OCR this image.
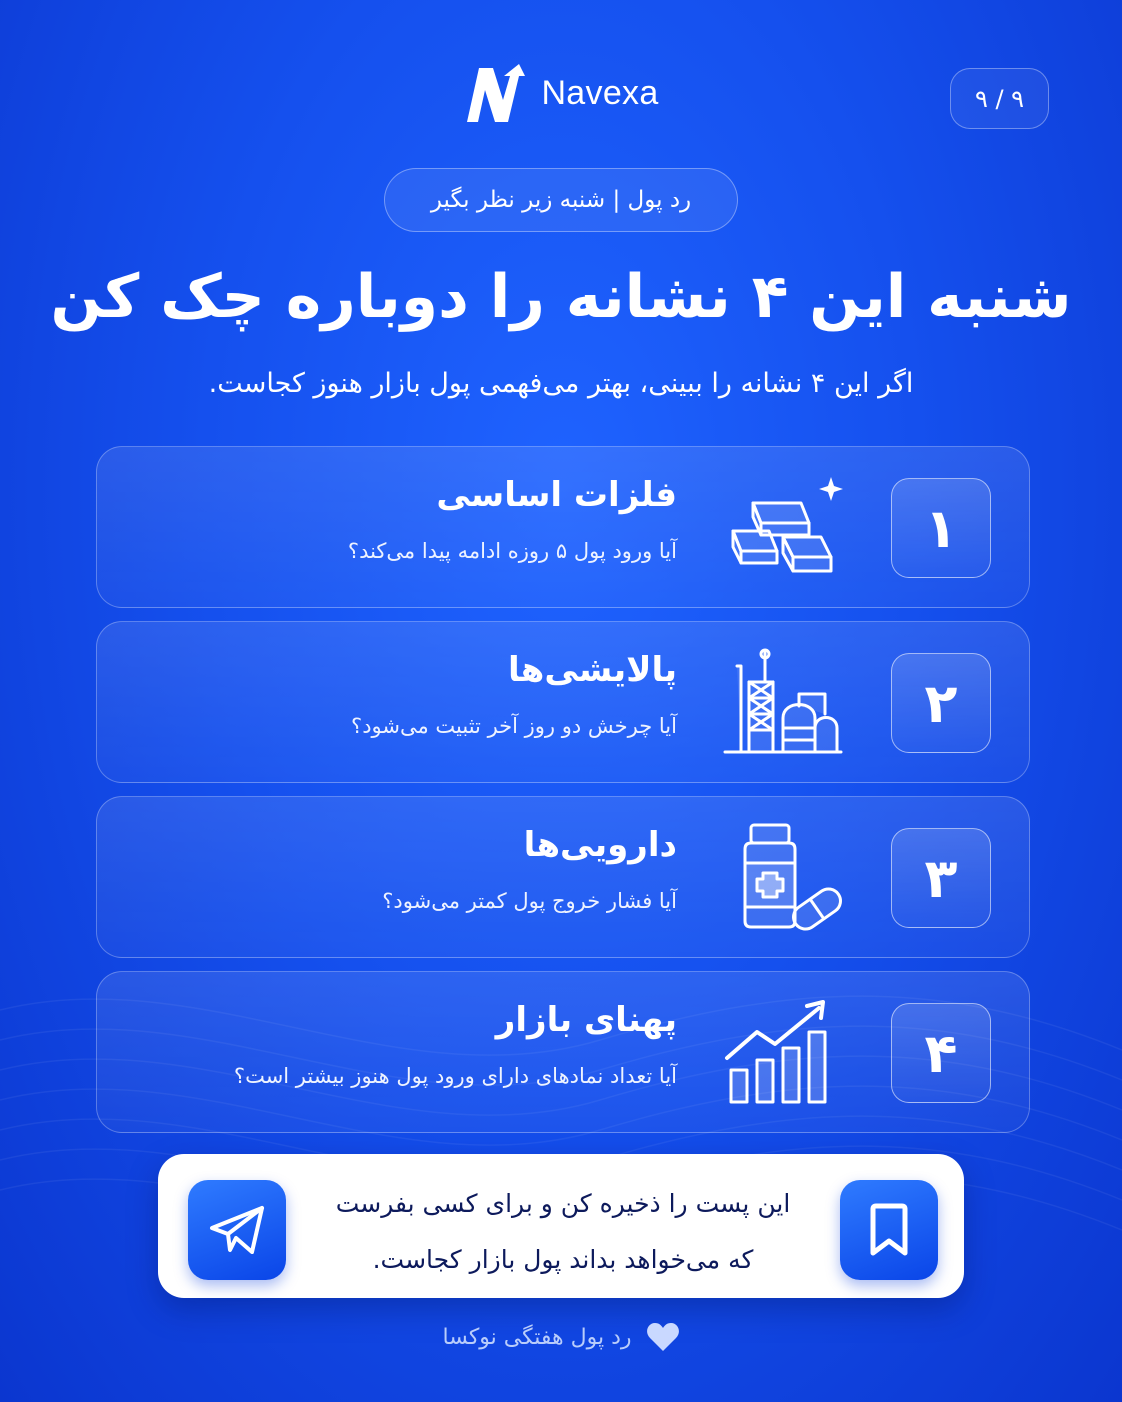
Navexa	۹ / ۹
رد پول | شنبه زیر نظر بگیر
شنبه این ۴ نشانه را دوباره چک کن
اگر این ۴ نشانه را ببینی، بهتر می‌فهمی پول بازار هنوز کجاست.
۱
فلزات اساسی
آیا ورود پول ۵ روزه ادامه پیدا می‌کند؟
۲
پالایشی‌ها
آیا چرخش دو روز آخر تثبیت می‌شود؟
۳
دارویی‌ها
آیا فشار خروج پول کمتر می‌شود؟
۴
پهنای بازار
آیا تعداد نمادهای دارای ورود پول هنوز بیشتر است؟
این پست را ذخیره کن و برای کسی بفرست
که می‌خواهد بداند پول بازار کجاست.
رد پول هفتگی نوکسا
